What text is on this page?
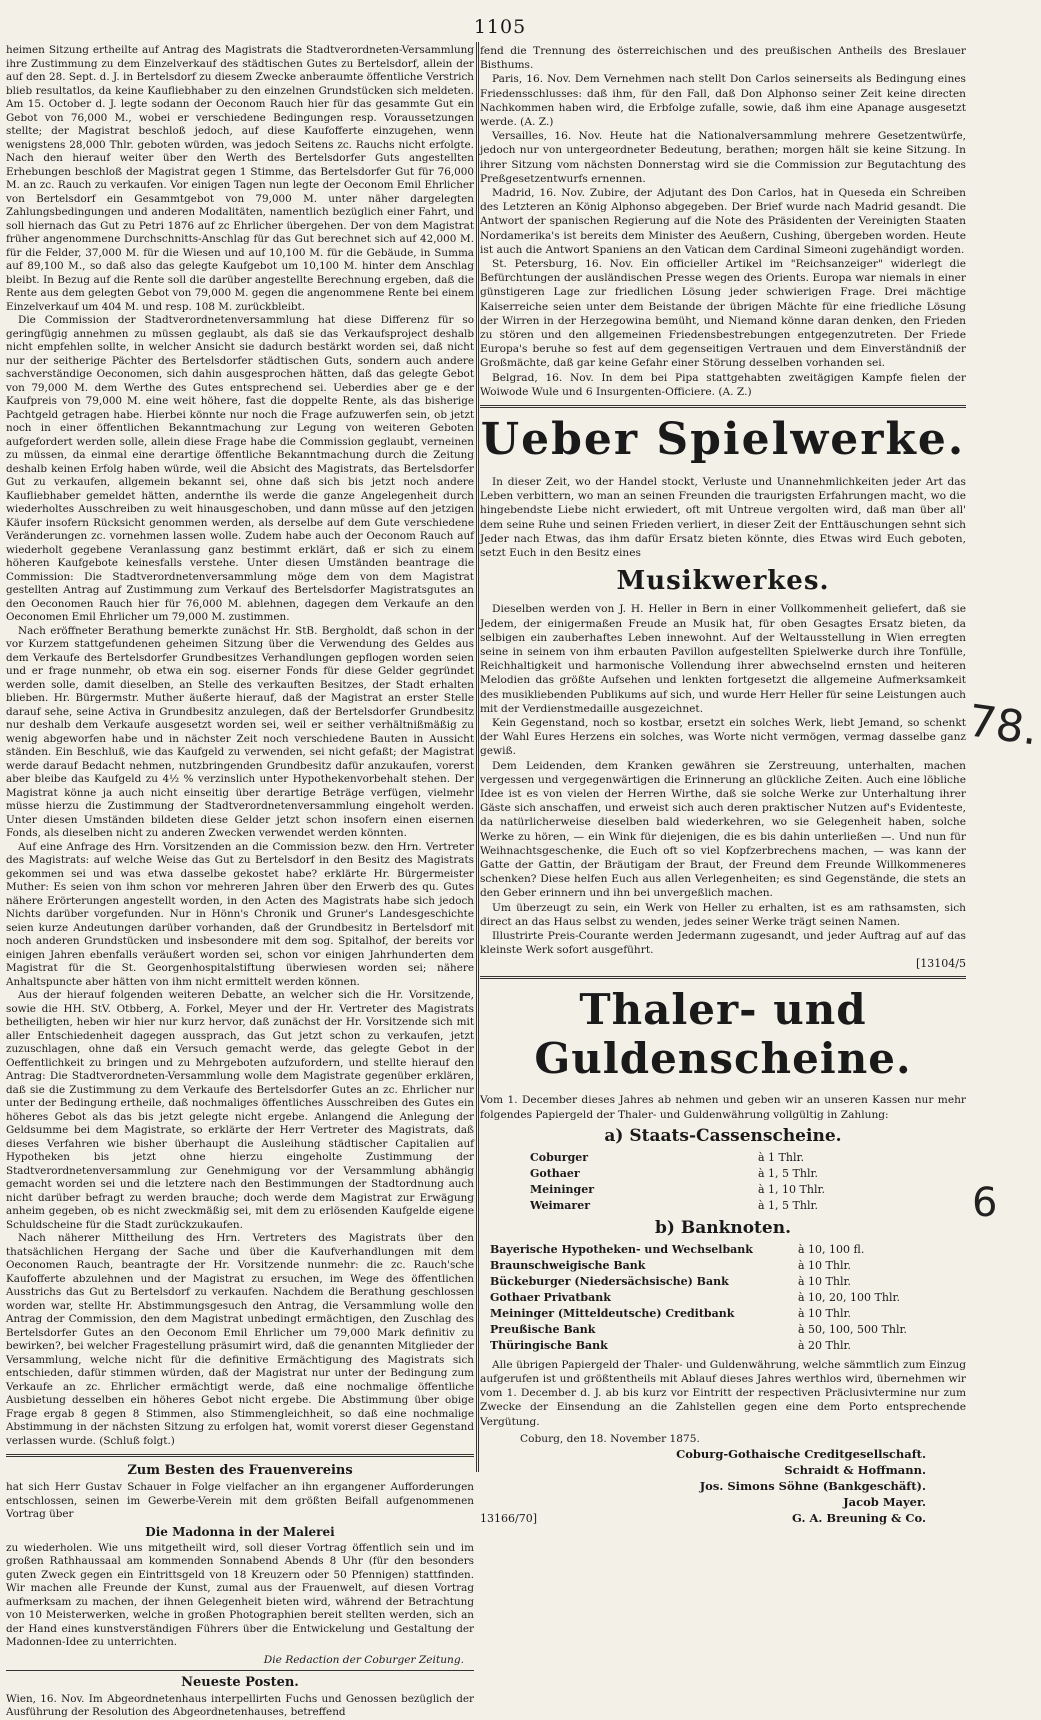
1105

heimen Sitzung ertheilte auf Antrag des Magistrats die Stadtverordneten-Versammlung ihre Zustimmung zu dem Einzelverkauf des städtischen Gutes zu Bertelsdorf, allein der auf den 28. Sept. d. J. in Bertelsdorf zu diesem Zwecke anberaumte öffentliche Verstrich blieb resultatlos, da keine Kaufliebhaber zu den einzelnen Grundstücken sich meldeten. Am 15. October d. J. legte sodann der Oeconom Rauch hier für das gesammte Gut ein Gebot von 76,000 M., wobei er verschiedene Bedingungen resp. Voraussetzungen stellte; der Magistrat beschloß jedoch, auf diese Kaufofferte einzugehen, wenn wenigstens 28,000 Thlr. geboten würden, was jedoch Seitens zc. Rauchs nicht erfolgte. Nach den hierauf weiter über den Werth des Bertelsdorfer Guts angestellten Erhebungen beschloß der Magistrat gegen 1 Stimme, das Bertelsdorfer Gut für 76,000 M. an zc. Rauch zu verkaufen. Vor einigen Tagen nun legte der Oeconom Emil Ehrlicher von Bertelsdorf ein Gesammtgebot von 79,000 M. unter näher dargelegten Zahlungsbedingungen und anderen Modalitäten, namentlich bezüglich einer Fahrt, und soll hiernach das Gut zu Petri 1876 auf zc Ehrlicher übergehen. Der von dem Magistrat früher angenommene Durchschnitts-Anschlag für das Gut berechnet sich auf 42,000 M. für die Felder, 37,000 M. für die Wiesen und auf 10,100 M. für die Gebäude, in Summa auf 89,100 M., so daß also das gelegte Kaufgebot um 10,100 M. hinter dem Anschlag bleibt. In Bezug auf die Rente soll die darüber angestellte Berechnung ergeben, daß die Rente aus dem gelegten Gebot von 79,000 M. gegen die angenommene Rente bei einem Einzelverkauf um 404 M. und resp. 108 M. zurückbleibt.

Die Commission der Stadtverordnetenversammlung hat diese Differenz für so geringfügig annehmen zu müssen geglaubt, als daß sie das Verkaufsproject deshalb nicht empfehlen sollte, in welcher Ansicht sie dadurch bestärkt worden sei, daß nicht nur der seitherige Pächter des Bertelsdorfer städtischen Guts, sondern auch andere sachverständige Oeconomen, sich dahin ausgesprochen hätten, daß das gelegte Gebot von 79,000 M. dem Werthe des Gutes entsprechend sei. Ueberdies aber ge e der Kaufpreis von 79,000 M. eine weit höhere, fast die doppelte Rente, als das bisherige Pachtgeld getragen habe. Hierbei könnte nur noch die Frage aufzuwerfen sein, ob jetzt noch in einer öffentlichen Bekanntmachung zur Legung von weiteren Geboten aufgefordert werden solle, allein diese Frage habe die Commission geglaubt, verneinen zu müssen, da einmal eine derartige öffentliche Bekanntmachung durch die Zeitung deshalb keinen Erfolg haben würde, weil die Absicht des Magistrats, das Bertelsdorfer Gut zu verkaufen, allgemein bekannt sei, ohne daß sich bis jetzt noch andere Kaufliebhaber gemeldet hätten, andernthe ils werde die ganze Angelegenheit durch wiederholtes Ausschreiben zu weit hinausgeschoben, und dann müsse auf den jetzigen Käufer insofern Rücksicht genommen werden, als derselbe auf dem Gute verschiedene Veränderungen zc. vornehmen lassen wolle. Zudem habe auch der Oeconom Rauch auf wiederholt gegebene Veranlassung ganz bestimmt erklärt, daß er sich zu einem höheren Kaufgebote keinesfalls verstehe. Unter diesen Umständen beantrage die Commission: Die Stadtverordnetenversammlung möge dem von dem Magistrat gestellten Antrag auf Zustimmung zum Verkauf des Bertelsdorfer Magistratsgutes an den Oeconomen Rauch hier für 76,000 M. ablehnen, dagegen dem Verkaufe an den Oeconomen Emil Ehrlicher um 79,000 M. zustimmen.

Nach eröffneter Berathung bemerkte zunächst Hr. StB. Bergholdt, daß schon in der vor Kurzem stattgefundenen geheimen Sitzung über die Verwendung des Geldes aus dem Verkaufe des Bertelsdorfer Grundbesitzes Verhandlungen gepflogen worden seien und er frage nunmehr, ob etwa ein sog. eiserner Fonds für diese Gelder gegründet werden solle, damit dieselben, an Stelle des verkauften Besitzes, der Stadt erhalten blieben. Hr. Bürgermstr. Muther äußerte hierauf, daß der Magistrat an erster Stelle darauf sehe, seine Activa in Grundbesitz anzulegen, daß der Bertelsdorfer Grundbesitz nur deshalb dem Verkaufe ausgesetzt worden sei, weil er seither verhältnißmäßig zu wenig abgeworfen habe und in nächster Zeit noch verschiedene Bauten in Aussicht ständen. Ein Beschluß, wie das Kaufgeld zu verwenden, sei nicht gefaßt; der Magistrat werde darauf Bedacht nehmen, nutzbringenden Grundbesitz dafür anzukaufen, vorerst aber bleibe das Kaufgeld zu 4½ % verzinslich unter Hypothekenvorbehalt stehen. Der Magistrat könne ja auch nicht einseitig über derartige Beträge verfügen, vielmehr müsse hierzu die Zustimmung der Stadtverordnetenversammlung eingeholt werden. Unter diesen Umständen bildeten diese Gelder jetzt schon insofern einen eisernen Fonds, als dieselben nicht zu anderen Zwecken verwendet werden könnten.

Auf eine Anfrage des Hrn. Vorsitzenden an die Commission bezw. den Hrn. Vertreter des Magistrats: auf welche Weise das Gut zu Bertelsdorf in den Besitz des Magistrats gekommen sei und was etwa dasselbe gekostet habe? erklärte Hr. Bürgermeister Muther: Es seien von ihm schon vor mehreren Jahren über den Erwerb des qu. Gutes nähere Erörterungen angestellt worden, in den Acten des Magistrats habe sich jedoch Nichts darüber vorgefunden. Nur in Hönn's Chronik und Gruner's Landesgeschichte seien kurze Andeutungen darüber vorhanden, daß der Grundbesitz in Bertelsdorf mit noch anderen Grundstücken und insbesondere mit dem sog. Spitalhof, der bereits vor einigen Jahren ebenfalls veräußert worden sei, schon vor einigen Jahrhunderten dem Magistrat für die St. Georgenhospitalstiftung überwiesen worden sei; nähere Anhaltspuncte aber hätten von ihm nicht ermittelt werden können.

Aus der hierauf folgenden weiteren Debatte, an welcher sich die Hr. Vorsitzende, sowie die HH. StV. Otbberg, A. Forkel, Meyer und der Hr. Vertreter des Magistrats betheiligten, heben wir hier nur kurz hervor, daß zunächst der Hr. Vorsitzende sich mit aller Entschiedenheit dagegen aussprach, das Gut jetzt schon zu verkaufen, jetzt zuzuschlagen, ohne daß ein Versuch gemacht werde, das gelegte Gebot in der Oeffentlichkeit zu bringen und zu Mehrgeboten aufzufordern, und stellte hierauf den Antrag: Die Stadtverordneten-Versammlung wolle dem Magistrate gegenüber erklären, daß sie die Zustimmung zu dem Verkaufe des Bertelsdorfer Gutes an zc. Ehrlicher nur unter der Bedingung ertheile, daß nochmaliges öffentliches Ausschreiben des Gutes ein höheres Gebot als das bis jetzt gelegte nicht ergebe. Anlangend die Anlegung der Geldsumme bei dem Magistrate, so erklärte der Herr Vertreter des Magistrats, daß dieses Verfahren wie bisher überhaupt die Ausleihung städtischer Capitalien auf Hypotheken bis jetzt ohne hierzu eingeholte Zustimmung der Stadtverordnetenversammlung zur Genehmigung vor der Versammlung abhängig gemacht worden sei und die letztere nach den Bestimmungen der Stadtordnung auch nicht darüber befragt zu werden brauche; doch werde dem Magistrat zur Erwägung anheim gegeben, ob es nicht zweckmäßig sei, mit dem zu erlösenden Kaufgelde eigene Schuldscheine für die Stadt zurückzukaufen.

Nach näherer Mittheilung des Hrn. Vertreters des Magistrats über den thatsächlichen Hergang der Sache und über die Kaufverhandlungen mit dem Oeconomen Rauch, beantragte der Hr. Vorsitzende nunmehr: die zc. Rauch'sche Kaufofferte abzulehnen und der Magistrat zu ersuchen, im Wege des öffentlichen Ausstrichs das Gut zu Bertelsdorf zu verkaufen. Nachdem die Berathung geschlossen worden war, stellte Hr. Abstimmungsgesuch den Antrag, die Versammlung wolle den Antrag der Commission, den dem Magistrat unbedingt ermächtigen, den Zuschlag des Bertelsdorfer Gutes an den Oeconom Emil Ehrlicher um 79,000 Mark definitiv zu bewirken?, bei welcher Fragestellung präsumirt wird, daß die genannten Mitglieder der Versammlung, welche nicht für die definitive Ermächtigung des Magistrats sich entschieden, dafür stimmen würden, daß der Magistrat nur unter der Bedingung zum Verkaufe an zc. Ehrlicher ermächtigt werde, daß eine nochmalige öffentliche Ausbietung desselben ein höheres Gebot nicht ergebe. Die Abstimmung über obige Frage ergab 8 gegen 8 Stimmen, also Stimmengleichheit, so daß eine nochmalige Abstimmung in der nächsten Sitzung zu erfolgen hat, womit vorerst dieser Gegenstand verlassen wurde. (Schluß folgt.)

Zum Besten des Frauenvereins

hat sich Herr Gustav Schauer in Folge vielfacher an ihn ergangener Aufforderungen entschlossen, seinen im Gewerbe-Verein mit dem größten Beifall aufgenommenen Vortrag über

Die Madonna in der Malerei

zu wiederholen. Wie uns mitgetheilt wird, soll dieser Vortrag öffentlich sein und im großen Rathhaussaal am kommenden Sonnabend Abends 8 Uhr (für den besonders guten Zweck gegen ein Eintrittsgeld von 18 Kreuzern oder 50 Pfennigen) stattfinden. Wir machen alle Freunde der Kunst, zumal aus der Frauenwelt, auf diesen Vortrag aufmerksam zu machen, der ihnen Gelegenheit bieten wird, während der Betrachtung von 10 Meisterwerken, welche in großen Photographien bereit stellten werden, sich an der Hand eines kunstverständigen Führers über die Entwickelung und Gestaltung der Madonnen-Idee zu unterrichten.

Die Redaction der Coburger Zeitung.
Neueste Posten.

Wien, 16. Nov. Im Abgeordnetenhaus interpellirten Fuchs und Genossen bezüglich der Ausführung der Resolution des Abgeordnetenhauses, betreffend

fend die Trennung des österreichischen und des preußischen Antheils des Breslauer Bisthums.

Paris, 16. Nov. Dem Vernehmen nach stellt Don Carlos seinerseits als Bedingung eines Friedensschlusses: daß ihm, für den Fall, daß Don Alphonso seiner Zeit keine directen Nachkommen haben wird, die Erbfolge zufalle, sowie, daß ihm eine Apanage ausgesetzt werde. (A. Z.)

Versailles, 16. Nov. Heute hat die Nationalversammlung mehrere Gesetzentwürfe, jedoch nur von untergeordneter Bedeutung, berathen; morgen hält sie keine Sitzung. In ihrer Sitzung vom nächsten Donnerstag wird sie die Commission zur Begutachtung des Preßgesetzentwurfs ernennen.

Madrid, 16. Nov. Zubire, der Adjutant des Don Carlos, hat in Queseda ein Schreiben des Letzteren an König Alphonso abgegeben. Der Brief wurde nach Madrid gesandt. Die Antwort der spanischen Regierung auf die Note des Präsidenten der Vereinigten Staaten Nordamerika's ist bereits dem Minister des Aeußern, Cushing, übergeben worden. Heute ist auch die Antwort Spaniens an den Vatican dem Cardinal Simeoni zugehändigt worden.

St. Petersburg, 16. Nov. Ein officieller Artikel im "Reichsanzeiger" widerlegt die Befürchtungen der ausländischen Presse wegen des Orients. Europa war niemals in einer günstigeren Lage zur friedlichen Lösung jeder schwierigen Frage. Drei mächtige Kaiserreiche seien unter dem Beistande der übrigen Mächte für eine friedliche Lösung der Wirren in der Herzegowina bemüht, und Niemand könne daran denken, den Frieden zu stören und den allgemeinen Friedensbestrebungen entgegenzutreten. Der Friede Europa's beruhe so fest auf dem gegenseitigen Vertrauen und dem Einverständniß der Großmächte, daß gar keine Gefahr einer Störung desselben vorhanden sei.

Belgrad, 16. Nov. In dem bei Pipa stattgehabten zweitägigen Kampfe fielen der Woiwode Wule und 6 Insurgenten-Officiere. (A. Z.)

Ueber Spielwerke.

In dieser Zeit, wo der Handel stockt, Verluste und Unannehmlichkeiten jeder Art das Leben verbittern, wo man an seinen Freunden die traurigsten Erfahrungen macht, wo die hingebendste Liebe nicht erwiedert, oft mit Untreue vergolten wird, daß man über all' dem seine Ruhe und seinen Frieden verliert, in dieser Zeit der Enttäuschungen sehnt sich Jeder nach Etwas, das ihm dafür Ersatz bieten könnte, dies Etwas wird Euch geboten, setzt Euch in den Besitz eines

Musikwerkes.

Dieselben werden von J. H. Heller in Bern in einer Vollkommenheit geliefert, daß sie Jedem, der einigermaßen Freude an Musik hat, für oben Gesagtes Ersatz bieten, da selbigen ein zauberhaftes Leben innewohnt. Auf der Weltausstellung in Wien erregten seine in seinem von ihm erbauten Pavillon aufgestellten Spielwerke durch ihre Tonfülle, Reichhaltigkeit und harmonische Vollendung ihrer abwechselnd ernsten und heiteren Melodien das größte Aufsehen und lenkten fortgesetzt die allgemeine Aufmerksamkeit des musikliebenden Publikums auf sich, und wurde Herr Heller für seine Leistungen auch mit der Verdienstmedaille ausgezeichnet.

Kein Gegenstand, noch so kostbar, ersetzt ein solches Werk, liebt Jemand, so schenkt der Wahl Eures Herzens ein solches, was Worte nicht vermögen, vermag dasselbe ganz gewiß.

Dem Leidenden, dem Kranken gewähren sie Zerstreuung, unterhalten, machen vergessen und vergegenwärtigen die Erinnerung an glückliche Zeiten. Auch eine löbliche Idee ist es von vielen der Herren Wirthe, daß sie solche Werke zur Unterhaltung ihrer Gäste sich anschaffen, und erweist sich auch deren praktischer Nutzen auf's Evidenteste, da natürlicherweise dieselben bald wiederkehren, wo sie Gelegenheit haben, solche Werke zu hören, — ein Wink für diejenigen, die es bis dahin unterließen —. Und nun für Weihnachtsgeschenke, die Euch oft so viel Kopfzerbrechens machen, — was kann der Gatte der Gattin, der Bräutigam der Braut, der Freund dem Freunde Willkommeneres schenken? Diese helfen Euch aus allen Verlegenheiten; es sind Gegenstände, die stets an den Geber erinnern und ihn bei unvergeßlich machen.

Um überzeugt zu sein, ein Werk von Heller zu erhalten, ist es am rathsamsten, sich direct an das Haus selbst zu wenden, jedes seiner Werke trägt seinen Namen.

Illustrirte Preis-Courante werden Jedermann zugesandt, und jeder Auftrag auf auf das kleinste Werk sofort ausgeführt.

[13104/5
Thaler- und Guldenscheine.

Vom 1. December dieses Jahres ab nehmen und geben wir an unseren Kassen nur mehr folgendes Papiergeld der Thaler- und Guldenwährung vollgültig in Zahlung:

a) Staats-Cassenscheine.
Coburger	à 1 Thlr.
Gothaer	à 1, 5 Thlr.
Meininger	à 1, 10 Thlr.
Weimarer	à 1, 5 Thlr.
b) Banknoten.
Bayerische Hypotheken- und Wechselbank	à 10, 100 fl.
Braunschweigische Bank	à 10 Thlr.
Bückeburger (Niedersächsische) Bank	à 10 Thlr.
Gothaer Privatbank	à 10, 20, 100 Thlr.
Meininger (Mitteldeutsche) Creditbank	à 10 Thlr.
Preußische Bank	à 50, 100, 500 Thlr.
Thüringische Bank	à 20 Thlr.

Alle übrigen Papiergeld der Thaler- und Guldenwährung, welche sämmtlich zum Einzug aufgerufen ist und größtentheils mit Ablauf dieses Jahres werthlos wird, übernehmen wir vom 1. December d. J. ab bis kurz vor Eintritt der respectiven Präclusivtermine nur zum Zwecke der Einsendung an die Zahlstellen gegen eine dem Porto entsprechende Vergütung.

Coburg, den 18. November 1875.

Coburg-Gothaische Creditgesellschaft.
Schraidt & Hoffmann.
Jos. Simons Söhne (Bankgeschäft).
Jacob Mayer.
G. A. Breuning & Co.
13166/70]
78.
6
